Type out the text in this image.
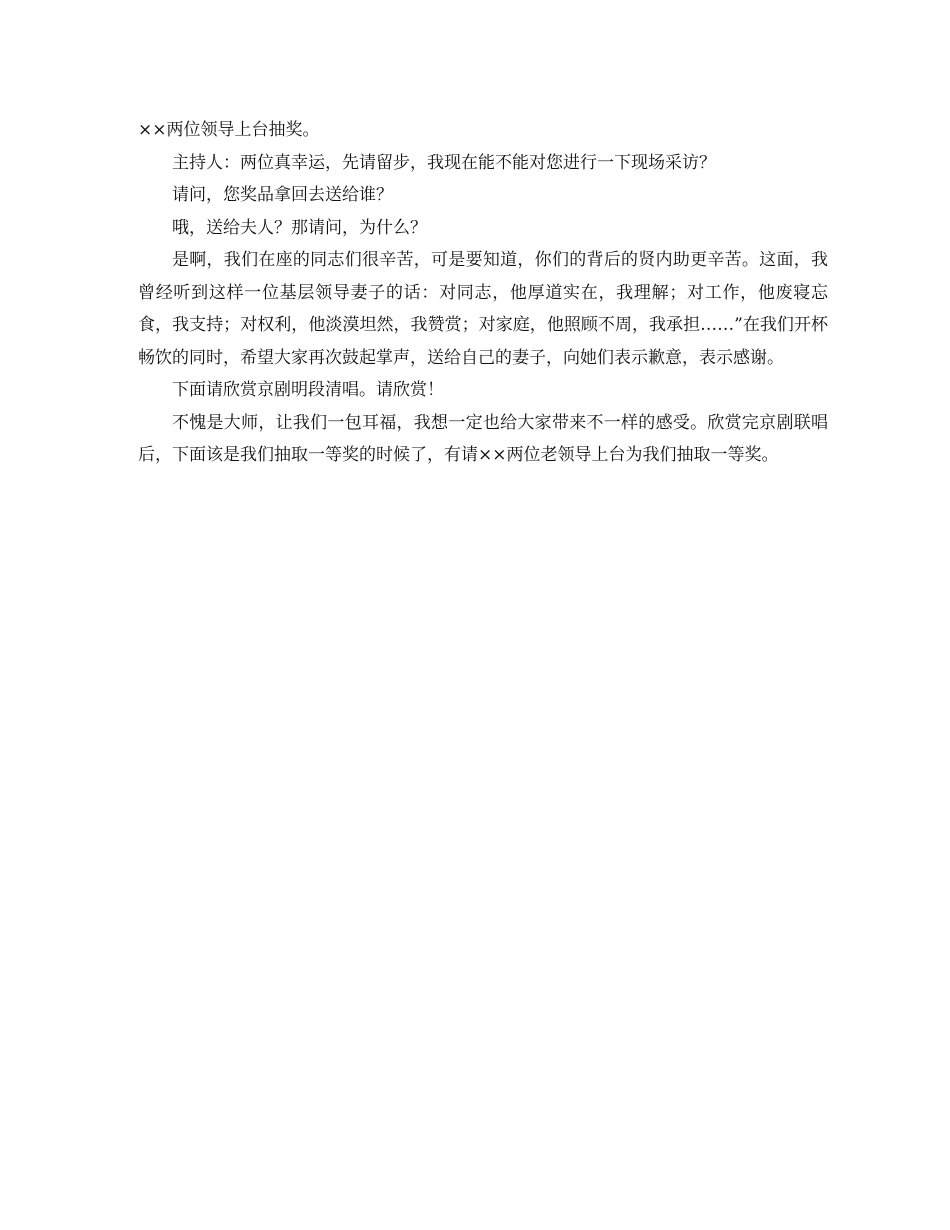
××两位领导上台抽奖。

主持人：两位真幸运，先请留步，我现在能不能对您进行一下现场采访？

请问，您奖品拿回去送给谁？

哦，送给夫人？那请问，为什么？

是啊，我们在座的同志们很辛苦，可是要知道，你们的背后的贤内助更辛苦。这面，我曾经听到这样一位基层领导妻子的话：对同志，他厚道实在，我理解；对工作，他废寝忘食，我支持；对权利，他淡漠坦然，我赞赏；对家庭，他照顾不周，我承担……”在我们开杯畅饮的同时，希望大家再次鼓起掌声，送给自己的妻子，向她们表示歉意，表示感谢。

下面请欣赏京剧明段清唱。请欣赏！

不愧是大师，让我们一包耳福，我想一定也给大家带来不一样的感受。欣赏完京剧联唱后，下面该是我们抽取一等奖的时候了，有请××两位老领导上台为我们抽取一等奖。
